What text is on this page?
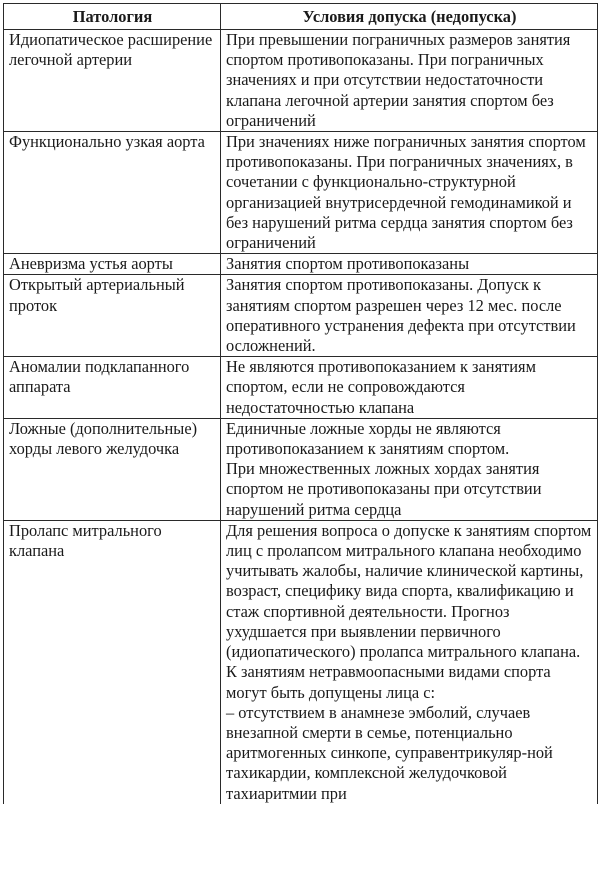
Патология	Условия допуска (недопуска)
Идиопатическое расширение легочной артерии	При превышении пограничных размеров занятия спортом противопоказаны. При пограничных значениях и при отсутствии недостаточности клапана легочной артерии занятия спортом без ограничений

Функционально узкая аорта	При значениях ниже пограничных занятия спортом противопоказаны. При пограничных значениях, в сочетании с функционально-структурной организацией внутрисердечной гемодинамикой и без нарушений ритма сердца занятия спортом без ограничений

Аневризма устья аорты	Занятия спортом противопоказаны

Открытый артериальный проток	Занятия спортом противопоказаны. Допуск к занятиям спортом разрешен через 12 мес. после оперативного устранения дефекта при отсутствии осложнений.

Аномалии подклапанного аппарата	Не являются противопоказанием к занятиям спортом, если не сопровождаются недостаточностью клапана

Ложные (дополнительные) хорды левого желудочка	Единичные ложные хорды не являются противопоказанием к занятиям спортом.
При множественных ложных хордах занятия спортом не противопоказаны при отсутствии нарушений ритма сердца

Пролапс митрального клапана	Для решения вопроса о допуске к занятиям спортом лиц с пролапсом митрального клапана необходимо учитывать жалобы, наличие клинической картины, возраст, специфику вида спорта, квалификацию и стаж спортивной деятельности. Прогноз ухудшается при выявлении первичного (идиопатического) пролапса митрального клапана.
К занятиям нетравмоопасными видами спорта могут быть допущены лица с:
– отсутствием в анамнезе эмболий, случаев внезапной смерти в семье, потенциально аритмогенных синкопе, суправентрикуляр-ной тахикардии, комплексной желудочковой тахиаритмии при
